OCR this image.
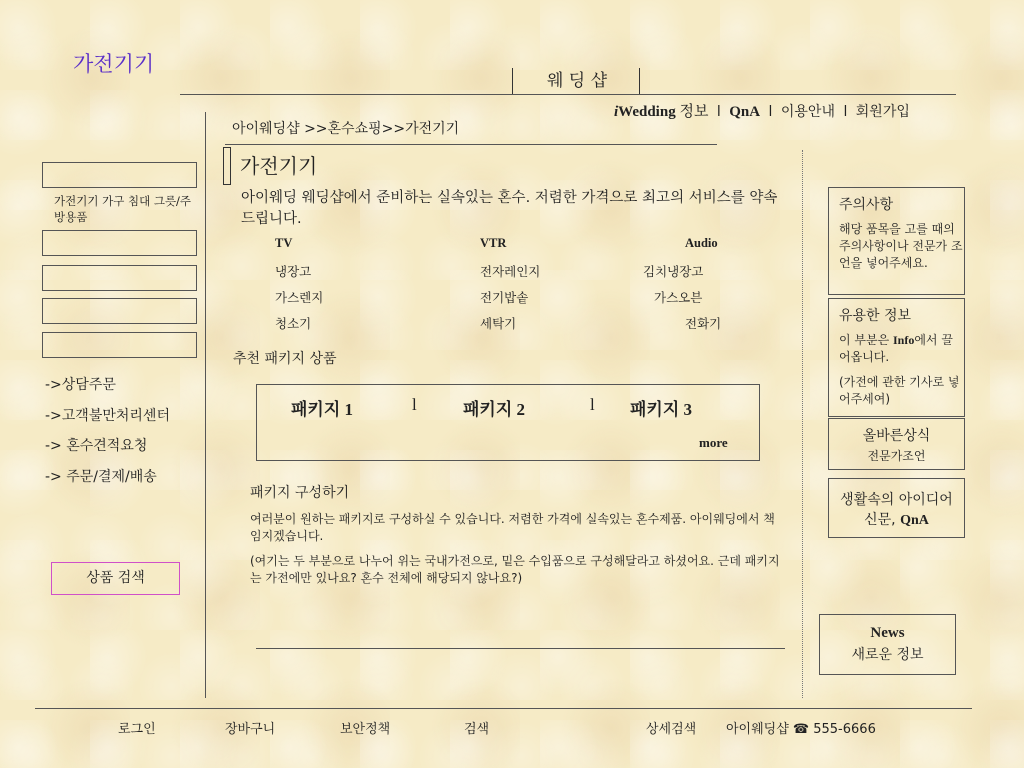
가전기기
웨 딩 샵
iWedding 정보 l QnA l 이용안내 l 회원가입
아이웨딩샵 >>혼수쇼핑>>가전기기
가전기기
아이웨딩 웨딩샵에서 준비하는 실속있는 혼수. 저렴한 가격으로 최고의 서비스를 약속 드립니다.
TV	VTR	Audio
냉장고	전자레인지	김치냉장고
가스렌지	전기밥솥	가스오븐
청소기	세탁기	전화기
추천 패키지 상품
패키지 1	l	패키지 2	l 패키지 3
more
패키지 구성하기
여러분이 원하는 패키지로 구성하실 수 있습니다. 저렴한 가격에 실속있는 혼수제품. 아이웨딩에서 책임지겠습니다.
(여기는 두 부분으로 나누어 위는 국내가전으로, 밑은 수입품으로 구성해달라고 하셨어요. 근데 패키지는 가전에만 있나요? 혼수 전체에 해당되지 않나요?)
가전기기 가구 침대 그릇/주방용품
->상담주문
->고객불만처리센터
-> 혼수견적요청
-> 주문/결제/배송
상품 검색
주의사항
해당 품목을 고를 때의 주의사항이나 전문가 조언을 넣어주세요.
유용한 정보
이 부분은 Info에서 끌어옵니다.
(가전에 관한 기사로 넣어주세여)
올바른상식
전문가조언
생활속의 아이디어
신문, QnA
News
새로운 정보
로그인	장바구니	보안정책	검색	상세검색 아이웨딩샵 ☎ 555-6666
